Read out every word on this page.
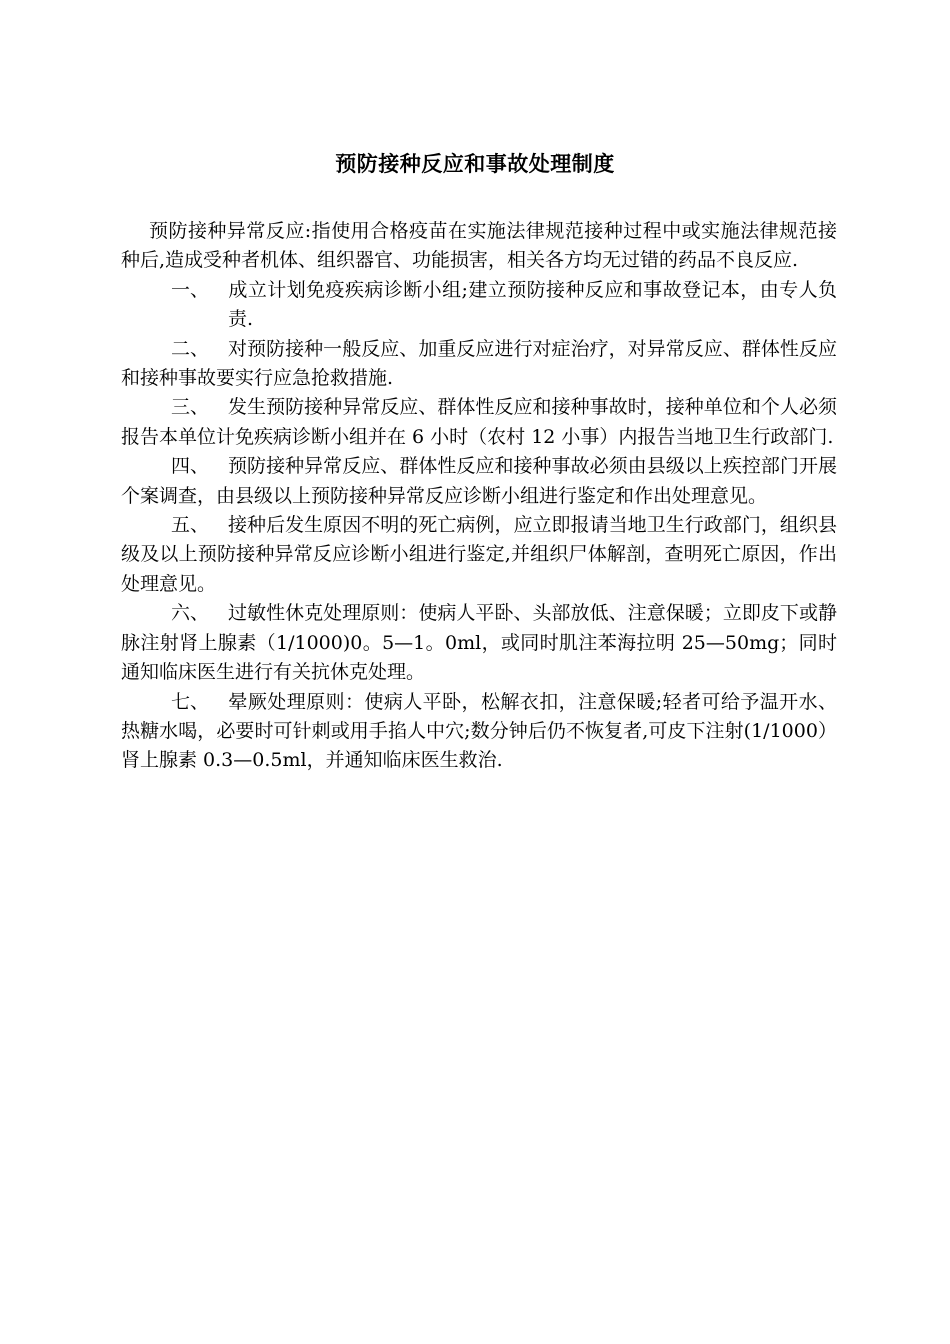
预防接种反应和事故处理制度

预防接种异常反应:指使用合格疫苗在实施法律规范接种过程中或实施法律规范接种后,造成受种者机体、组织器官、功能损害，相关各方均无过错的药品不良反应.

一、 成立计划免疫疾病诊断小组;建立预防接种反应和事故登记本，由专人负责.

二、 对预防接种一般反应、加重反应进行对症治疗，对异常反应、群体性反应和接种事故要实行应急抢救措施.

三、 发生预防接种异常反应、群体性反应和接种事故时，接种单位和个人必须报告本单位计免疾病诊断小组并在 6 小时（农村 12 小事）内报告当地卫生行政部门.

四、 预防接种异常反应、群体性反应和接种事故必须由县级以上疾控部门开展个案调查，由县级以上预防接种异常反应诊断小组进行鉴定和作出处理意见。

五、 接种后发生原因不明的死亡病例，应立即报请当地卫生行政部门，组织县级及以上预防接种异常反应诊断小组进行鉴定,并组织尸体解剖，查明死亡原因，作出处理意见。

六、 过敏性休克处理原则：使病人平卧、头部放低、注意保暖；立即皮下或静脉注射肾上腺素（1/1000)0。5—1。0ml，或同时肌注苯海拉明 25—50mg；同时通知临床医生进行有关抗休克处理。

七、 晕厥处理原则：使病人平卧，松解衣扣，注意保暖;轻者可给予温开水、热糖水喝，必要时可针刺或用手掐人中穴;数分钟后仍不恢复者,可皮下注射(1/1000）肾上腺素 0.3—0.5ml，并通知临床医生救治.
